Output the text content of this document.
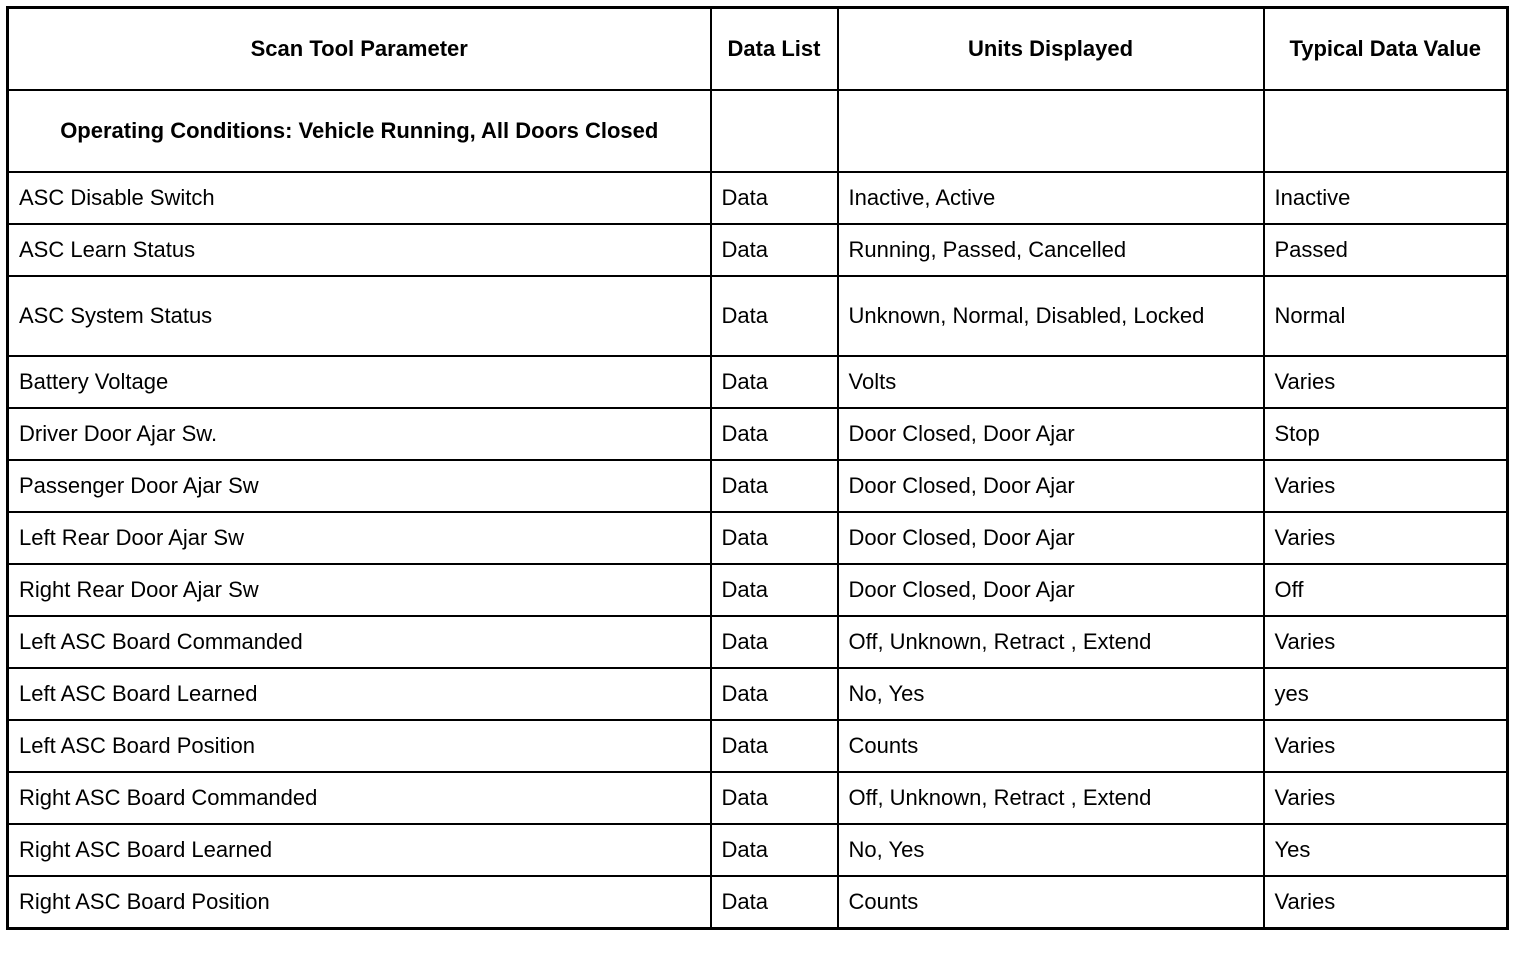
Scan Tool Parameter	Data List	Units Displayed	Typical Data Value
Operating Conditions: Vehicle Running, All Doors Closed			
ASC Disable Switch	Data	Inactive, Active	Inactive
ASC Learn Status	Data	Running, Passed, Cancelled	Passed
ASC System Status	Data	Unknown, Normal, Disabled, Locked	Normal
Battery Voltage	Data	Volts	Varies
Driver Door Ajar Sw.	Data	Door Closed, Door Ajar	Stop
Passenger Door Ajar Sw	Data	Door Closed, Door Ajar	Varies
Left Rear Door Ajar Sw	Data	Door Closed, Door Ajar	Varies
Right Rear Door Ajar Sw	Data	Door Closed, Door Ajar	Off
Left ASC Board Commanded	Data	Off, Unknown, Retract , Extend	Varies
Left ASC Board Learned	Data	No, Yes	yes
Left ASC Board Position	Data	Counts	Varies
Right ASC Board Commanded	Data	Off, Unknown, Retract , Extend	Varies
Right ASC Board Learned	Data	No, Yes	Yes
Right ASC Board Position	Data	Counts	Varies
